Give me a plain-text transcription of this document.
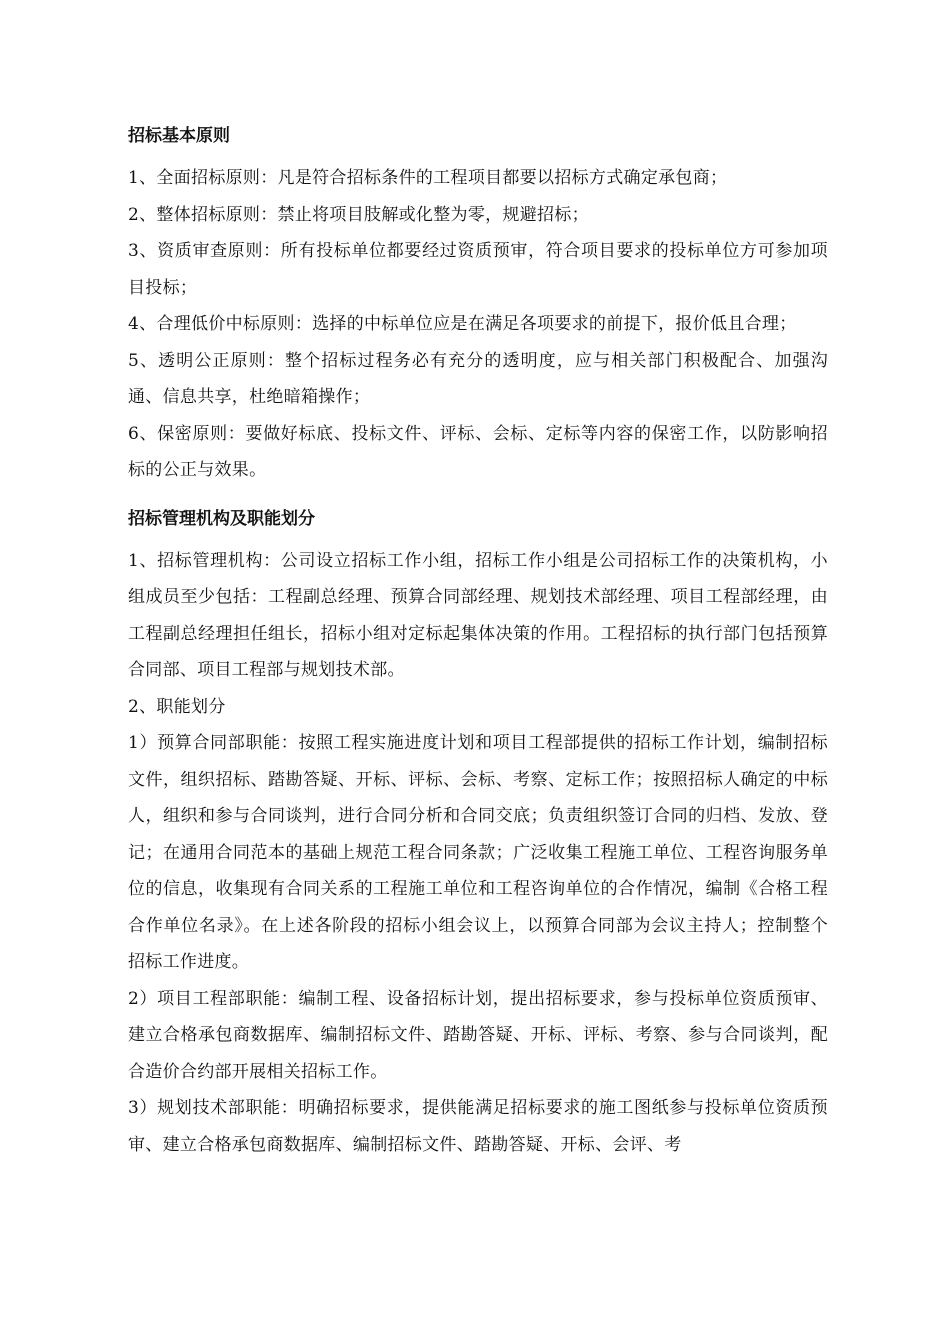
招标基本原则
1、全面招标原则：凡是符合招标条件的工程项目都要以招标方式确定承包商；
2、整体招标原则：禁止将项目肢解或化整为零，规避招标；
3、资质审查原则：所有投标单位都要经过资质预审，符合项目要求的投标单位方可参加项目投标；
4、合理低价中标原则：选择的中标单位应是在满足各项要求的前提下，报价低且合理；
5、透明公正原则：整个招标过程务必有充分的透明度，应与相关部门积极配合、加强沟通、信息共享，杜绝暗箱操作；
6、保密原则：要做好标底、投标文件、评标、会标、定标等内容的保密工作，以防影响招标的公正与效果。
招标管理机构及职能划分
1、招标管理机构：公司设立招标工作小组，招标工作小组是公司招标工作的决策机构，小组成员至少包括：工程副总经理、预算合同部经理、规划技术部经理、项目工程部经理，由工程副总经理担任组长，招标小组对定标起集体决策的作用。工程招标的执行部门包括预算合同部、项目工程部与规划技术部。
2、职能划分
1）预算合同部职能：按照工程实施进度计划和项目工程部提供的招标工作计划，编制招标文件，组织招标、踏勘答疑、开标、评标、会标、考察、定标工作；按照招标人确定的中标人，组织和参与合同谈判，进行合同分析和合同交底；负责组织签订合同的归档、发放、登记；在通用合同范本的基础上规范工程合同条款；广泛收集工程施工单位、工程咨询服务单位的信息，收集现有合同关系的工程施工单位和工程咨询单位的合作情况，编制《合格工程合作单位名录》。在上述各阶段的招标小组会议上，以预算合同部为会议主持人；控制整个招标工作进度。
2）项目工程部职能：编制工程、设备招标计划，提出招标要求，参与投标单位资质预审、建立合格承包商数据库、编制招标文件、踏勘答疑、开标、评标、考察、参与合同谈判，配合造价合约部开展相关招标工作。
3）规划技术部职能：明确招标要求，提供能满足招标要求的施工图纸参与投标单位资质预审、建立合格承包商数据库、编制招标文件、踏勘答疑、开标、会评、考
